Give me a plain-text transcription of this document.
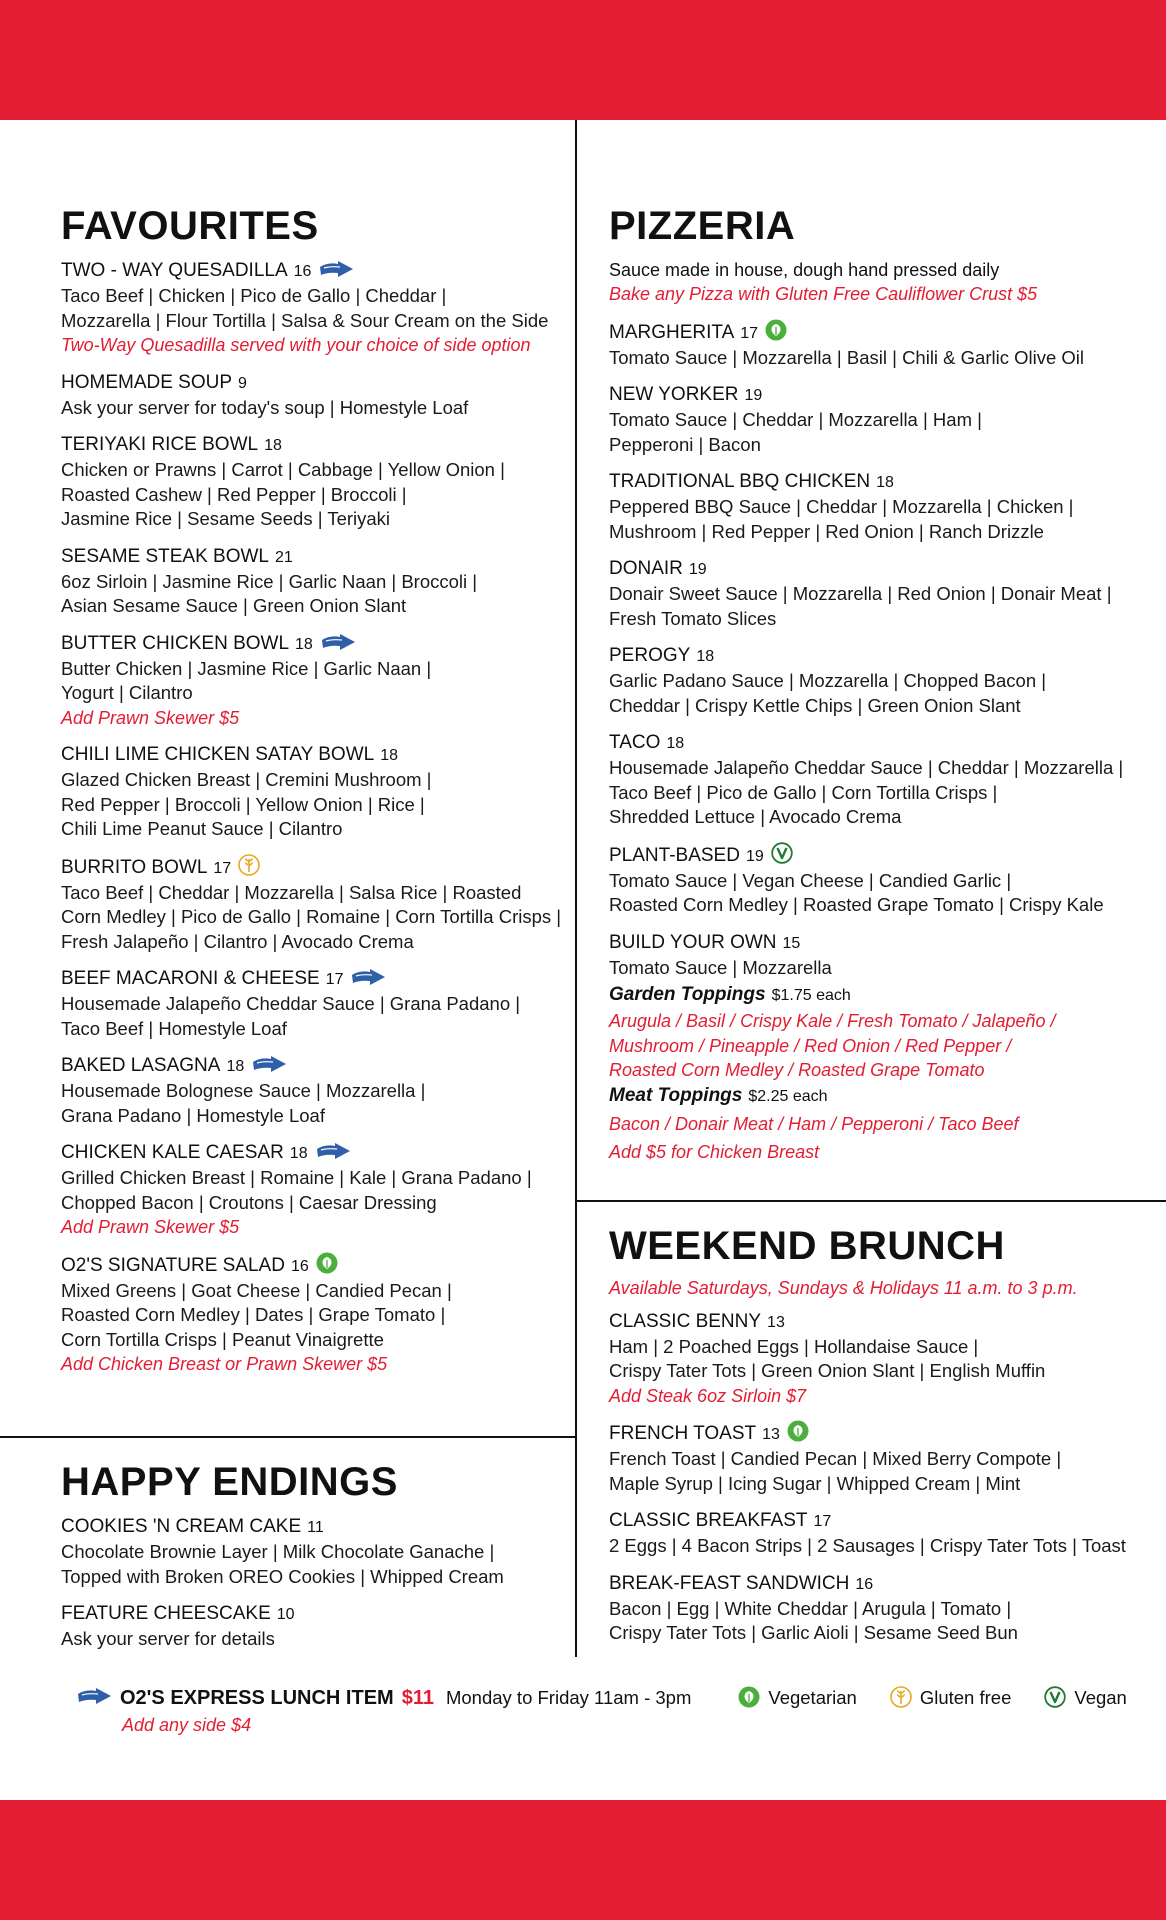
FAVOURITES
TWO - WAY QUESADILLA 16
Taco Beef | Chicken | Pico de Gallo | Cheddar |
Mozzarella | Flour Tortilla | Salsa & Sour Cream on the Side
Two-Way Quesadilla served with your choice of side option
HOMEMADE SOUP 9
Ask your server for today's soup | Homestyle Loaf
TERIYAKI RICE BOWL 18
Chicken or Prawns | Carrot | Cabbage | Yellow Onion |
Roasted Cashew | Red Pepper | Broccoli |
Jasmine Rice | Sesame Seeds | Teriyaki
SESAME STEAK BOWL 21
6oz Sirloin | Jasmine Rice | Garlic Naan | Broccoli |
Asian Sesame Sauce | Green Onion Slant
BUTTER CHICKEN BOWL 18
Butter Chicken | Jasmine Rice | Garlic Naan |
Yogurt | Cilantro
Add Prawn Skewer $5
CHILI LIME CHICKEN SATAY BOWL 18
Glazed Chicken Breast | Cremini Mushroom |
Red Pepper | Broccoli | Yellow Onion | Rice |
Chili Lime Peanut Sauce | Cilantro
BURRITO BOWL 17
Taco Beef | Cheddar | Mozzarella | Salsa Rice | Roasted
Corn Medley | Pico de Gallo | Romaine | Corn Tortilla Crisps |
Fresh Jalapeño | Cilantro | Avocado Crema
BEEF MACARONI & CHEESE 17
Housemade Jalapeño Cheddar Sauce | Grana Padano |
Taco Beef | Homestyle Loaf
BAKED LASAGNA 18
Housemade Bolognese Sauce | Mozzarella |
Grana Padano | Homestyle Loaf
CHICKEN KALE CAESAR 18
Grilled Chicken Breast | Romaine | Kale | Grana Padano |
Chopped Bacon | Croutons | Caesar Dressing
Add Prawn Skewer $5
O2'S SIGNATURE SALAD 16
Mixed Greens | Goat Cheese | Candied Pecan |
Roasted Corn Medley | Dates | Grape Tomato |
Corn Tortilla Crisps | Peanut Vinaigrette
Add Chicken Breast or Prawn Skewer $5
HAPPY ENDINGS
COOKIES 'N CREAM CAKE 11
Chocolate Brownie Layer | Milk Chocolate Ganache |
Topped with Broken OREO Cookies | Whipped Cream
FEATURE CHEESCAKE 10
Ask your server for details
PIZZERIA
Sauce made in house, dough hand pressed daily
Bake any Pizza with Gluten Free Cauliflower Crust $5
MARGHERITA 17
Tomato Sauce | Mozzarella | Basil | Chili & Garlic Olive Oil
NEW YORKER 19
Tomato Sauce | Cheddar | Mozzarella | Ham |
Pepperoni | Bacon
TRADITIONAL BBQ CHICKEN 18
Peppered BBQ Sauce | Cheddar | Mozzarella | Chicken |
Mushroom | Red Pepper | Red Onion | Ranch Drizzle
DONAIR 19
Donair Sweet Sauce | Mozzarella | Red Onion | Donair Meat |
Fresh Tomato Slices
PEROGY 18
Garlic Padano Sauce | Mozzarella | Chopped Bacon |
Cheddar | Crispy Kettle Chips | Green Onion Slant
TACO 18
Housemade Jalapeño Cheddar Sauce | Cheddar | Mozzarella |
Taco Beef | Pico de Gallo | Corn Tortilla Crisps |
Shredded Lettuce | Avocado Crema
PLANT-BASED 19
Tomato Sauce | Vegan Cheese | Candied Garlic |
Roasted Corn Medley | Roasted Grape Tomato | Crispy Kale
BUILD YOUR OWN 15
Tomato Sauce | Mozzarella
Garden Toppings $1.75 each
Arugula / Basil / Crispy Kale / Fresh Tomato / Jalapeño /
Mushroom / Pineapple / Red Onion / Red Pepper /
Roasted Corn Medley / Roasted Grape Tomato
Meat Toppings $2.25 each
Bacon / Donair Meat / Ham / Pepperoni / Taco Beef
Add $5 for Chicken Breast
WEEKEND BRUNCH
Available Saturdays, Sundays & Holidays 11 a.m. to 3 p.m.
CLASSIC BENNY 13
Ham | 2 Poached Eggs | Hollandaise Sauce |
Crispy Tater Tots | Green Onion Slant | English Muffin
Add Steak 6oz Sirloin $7
FRENCH TOAST 13
French Toast | Candied Pecan | Mixed Berry Compote |
Maple Syrup | Icing Sugar | Whipped Cream | Mint
CLASSIC BREAKFAST 17
2 Eggs | 4 Bacon Strips | 2 Sausages | Crispy Tater Tots | Toast
BREAK-FEAST SANDWICH 16
Bacon | Egg | White Cheddar | Arugula | Tomato |
Crispy Tater Tots | Garlic Aioli | Sesame Seed Bun
O2'S EXPRESS LUNCH ITEM $11 Monday to Friday 11am - 3pm	Vegetarian	Gluten free	Vegan
Add any side $4
